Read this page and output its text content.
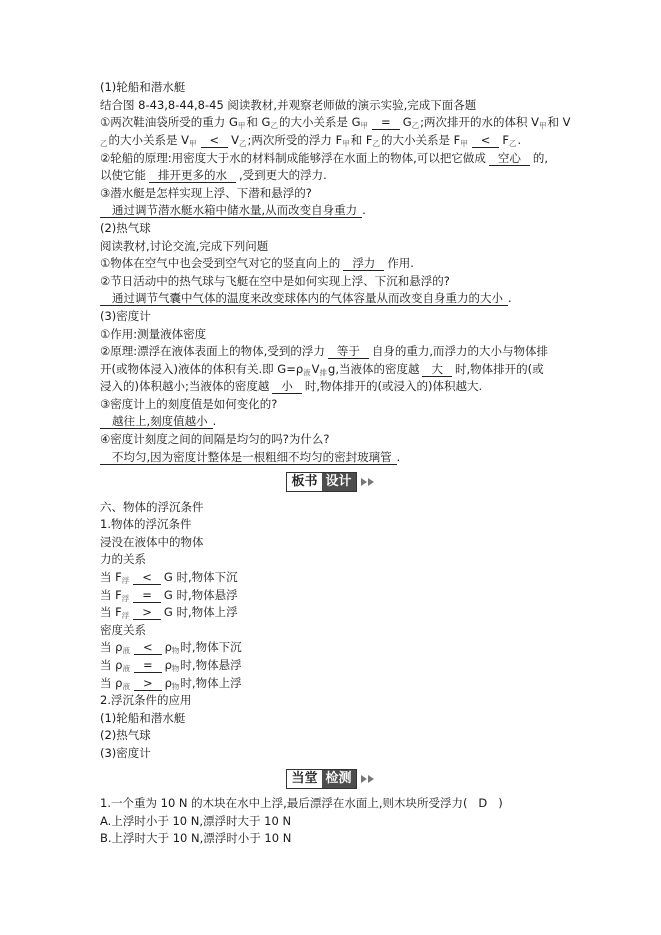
(1)轮船和潜水艇
结合图 8-43,8-44,8-45 阅读教材,并观察老师做的演示实验,完成下面各题
①两次鞋油袋所受的重力 G甲和 G乙的大小关系是 G甲 = G乙;两次排开的水的体积 V甲和 V
乙的大小关系是 V甲 < V乙;两次所受的浮力 F甲和 F乙的大小关系是 F甲 < F乙.
②轮船的原理:用密度大于水的材料制成能够浮在水面上的物体,可以把它做成 空心 的,
以使它能 排开更多的水 ,受到更大的浮力.
③潜水艇是怎样实现上浮、下潜和悬浮的?
通过调节潜水艇水箱中储水量,从而改变自身重力 .
(2)热气球
阅读教材,讨论交流,完成下列问题
①物体在空气中也会受到空气对它的竖直向上的 浮力 作用.
②节日活动中的热气球与飞艇在空中是如何实现上浮、下沉和悬浮的?
通过调节气囊中气体的温度来改变球体内的气体容量从而改变自身重力的大小 .
(3)密度计
①作用:测量液体密度
②原理:漂浮在液体表面上的物体,受到的浮力 等于 自身的重力,而浮力的大小与物体排
开(或物体浸入)液体的体积有关.即 G=ρ液V排g,当液体的密度越 大 时,物体排开的(或
浸入的)体积越小;当液体的密度越 小 时,物体排开的(或浸入的)体积越大.
③密度计上的刻度值是如何变化的?
越往上,刻度值越小 .
④密度计刻度之间的间隔是均匀的吗?为什么?
不均匀,因为密度计整体是一根粗细不均匀的密封玻璃管 .
板书 设计
六、物体的浮沉条件
1.物体的浮沉条件
浸没在液体中的物体
力的关系
当 F浮 < G 时,物体下沉
当 F浮 = G 时,物体悬浮
当 F浮 > G 时,物体上浮
密度关系
当 ρ液 < ρ物时,物体下沉
当 ρ液 = ρ物时,物体悬浮
当 ρ液 > ρ物时,物体上浮
2.浮沉条件的应用
(1)轮船和潜水艇
(2)热气球
(3)密度计
当堂 检测
1.一个重为 10 N 的木块在水中上浮,最后漂浮在水面上,则木块所受浮力(   D   )
A.上浮时小于 10 N,漂浮时大于 10 N
B.上浮时大于 10 N,漂浮时小于 10 N
